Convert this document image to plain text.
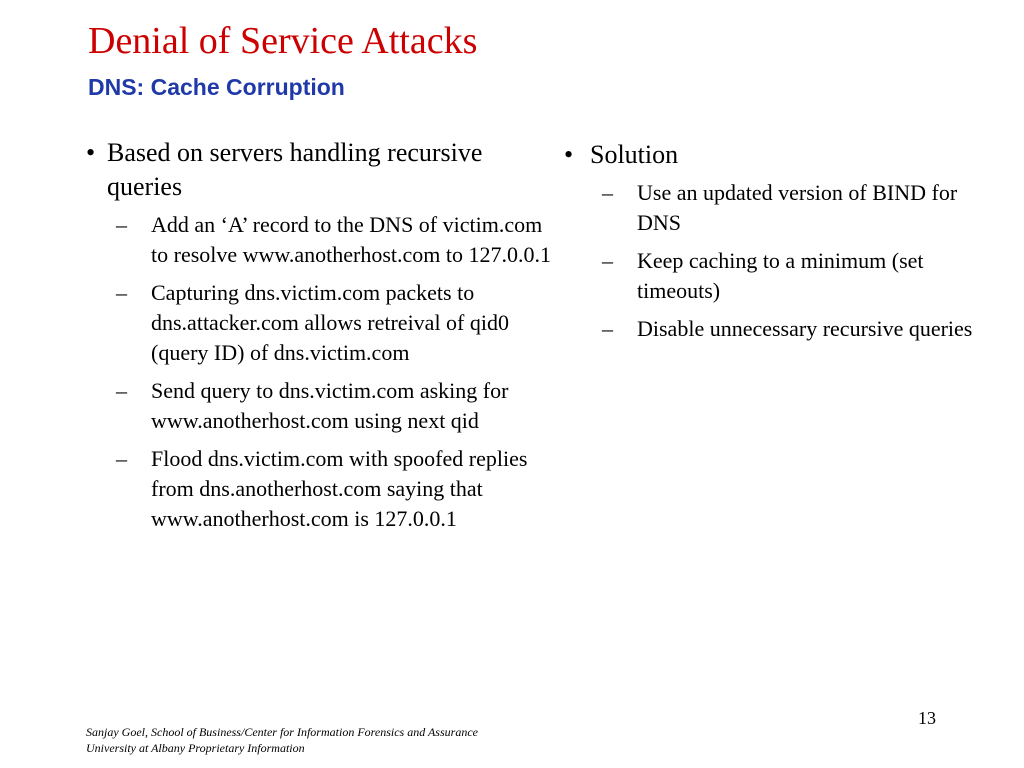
Denial of Service Attacks
DNS: Cache Corruption
• Based on servers handling recursive queries
– Add an ‘A’ record to the DNS of victim.com to resolve www.anotherhost.com to 127.0.0.1
– Capturing dns.victim.com packets to dns.attacker.com allows retreival of qid0 (query ID) of dns.victim.com
– Send query to dns.victim.com asking for www.anotherhost.com using next qid
– Flood dns.victim.com with spoofed replies from dns.anotherhost.com saying that www.anotherhost.com is 127.0.0.1
• Solution
– Use an updated version of BIND for DNS
– Keep caching to a minimum (set timeouts)
– Disable unnecessary recursive queries
13
Sanjay Goel, School of Business/Center for Information Forensics and Assurance
University at Albany Proprietary Information
